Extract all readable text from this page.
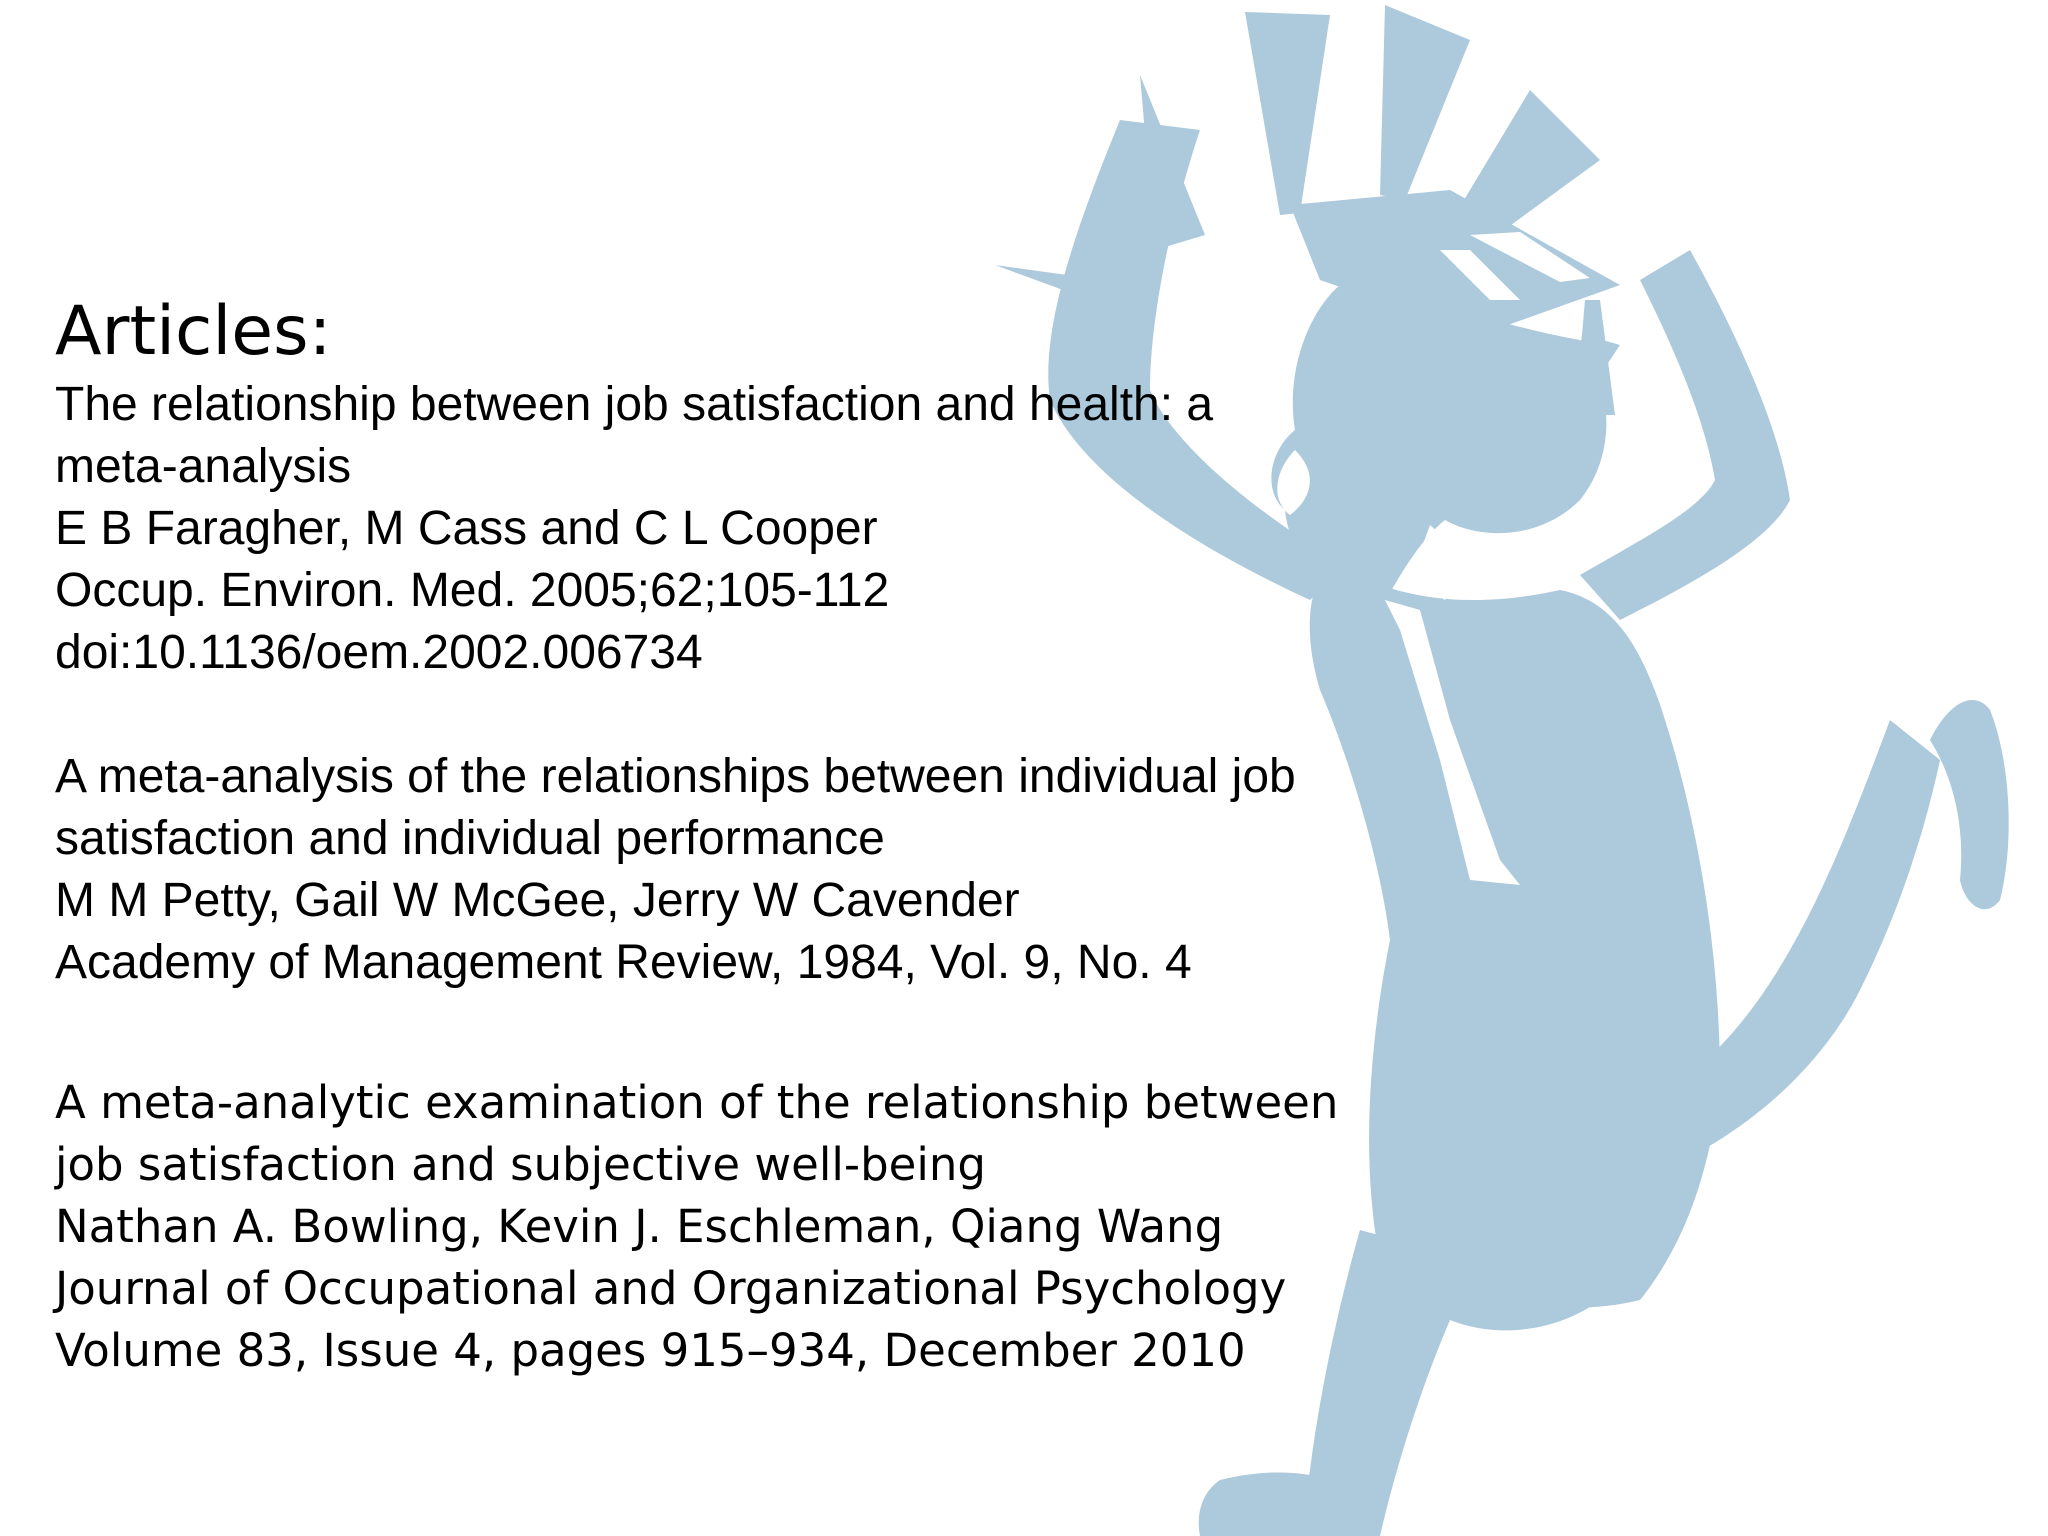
Articles:
The relationship between job satisfaction and health: a
meta-analysis
E B Faragher, M Cass and C L Cooper
Occup. Environ. Med. 2005;62;105-112
doi:10.1136/oem.2002.006734
A meta-analysis of the relationships between individual job
satisfaction and individual performance
M M Petty, Gail W McGee, Jerry W Cavender
Academy of Management Review, 1984, Vol. 9, No. 4
A meta-analytic examination of the relationship between
job satisfaction and subjective well-being
Nathan A. Bowling, Kevin J. Eschleman, Qiang Wang
Journal of Occupational and Organizational Psychology
Volume 83, Issue 4, pages 915–934, December 2010
